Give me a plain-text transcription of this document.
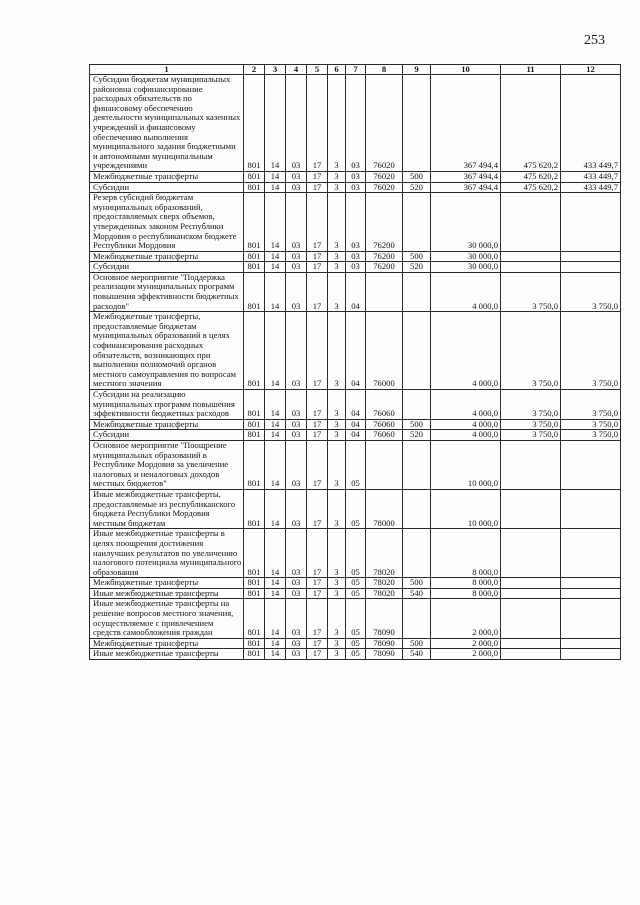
253
1	2	3	4	5	6	7	8	9	10	11	12
Субсидии бюджетам муниципальных районовна софинансирование расходных обязательств по финансовому обеспечению деятельности муниципальных казенных учреждений и финансовому обеспечению выполнения муниципального задания бюджетными и автономными муниципальным учреждениями	801	14	03	17	3	03	76020		367 494,4	475 620,2	433 449,7
Межбюджетные трансферты	801	14	03	17	3	03	76020	500	367 494,4	475 620,2	433 449,7
Субсидии	801	14	03	17	3	03	76020	520	367 494,4	475 620,2	433 449,7
Резерв субсидий бюджетам муниципальных образований, предоставляемых сверх объемов, утвержденных законом Республики Мордовия о республиканском бюджете Республики Мордовия	801	14	03	17	3	03	76200		30 000,0		
Межбюджетные трансферты	801	14	03	17	3	03	76200	500	30 000,0		
Субсидии	801	14	03	17	3	03	76200	520	30 000,0		
Основное мероприятие "Поддержка реализации муниципальных программ повышения эффективности бюджетных расходов"	801	14	03	17	3	04			4 000,0	3 750,0	3 750,0
Межбюджетные трансферты, предоставляемые бюджетам муниципальных образований в целях софинансирования расходных обязательств, возникающих при выполнении полномочий органов местного самоуправления по вопросам местного значения	801	14	03	17	3	04	76000		4 000,0	3 750,0	3 750,0
Субсидии на реализацию муниципальных программ повышения эффективности бюджетных расходов	801	14	03	17	3	04	76060		4 000,0	3 750,0	3 750,0
Межбюджетные трансферты	801	14	03	17	3	04	76060	500	4 000,0	3 750,0	3 750,0
Субсидии	801	14	03	17	3	04	76060	520	4 000,0	3 750,0	3 750,0
Основное мероприятие "Поощрение муниципальных образований в Республике Мордовия за увеличение налоговых и неналоговых доходов местных бюджетов"	801	14	03	17	3	05			10 000,0		
Иные межбюджетные трансферты, предоставляемые из республиканского бюджета Республики Мордовия местным бюджетам	801	14	03	17	3	05	78000		10 000,0		
Иные межбюджетные трансферты в целях поощрения достижения наилучших результатов по увеличению налогового потенциала муниципального образования	801	14	03	17	3	05	78020		8 000,0		
Межбюджетные трансферты	801	14	03	17	3	05	78020	500	8 000,0		
Иные межбюджетные трансферты	801	14	03	17	3	05	78020	540	8 000,0		
Иные межбюджетные трансферты на решение вопросов местного значения, осуществляемое с привлечением средств самообложения граждан	801	14	03	17	3	05	78090		2 000,0		
Межбюджетные трансферты	801	14	03	17	3	05	78090	500	2 000,0		
Иные межбюджетные трансферты	801	14	03	17	3	05	78090	540	2 000,0		
